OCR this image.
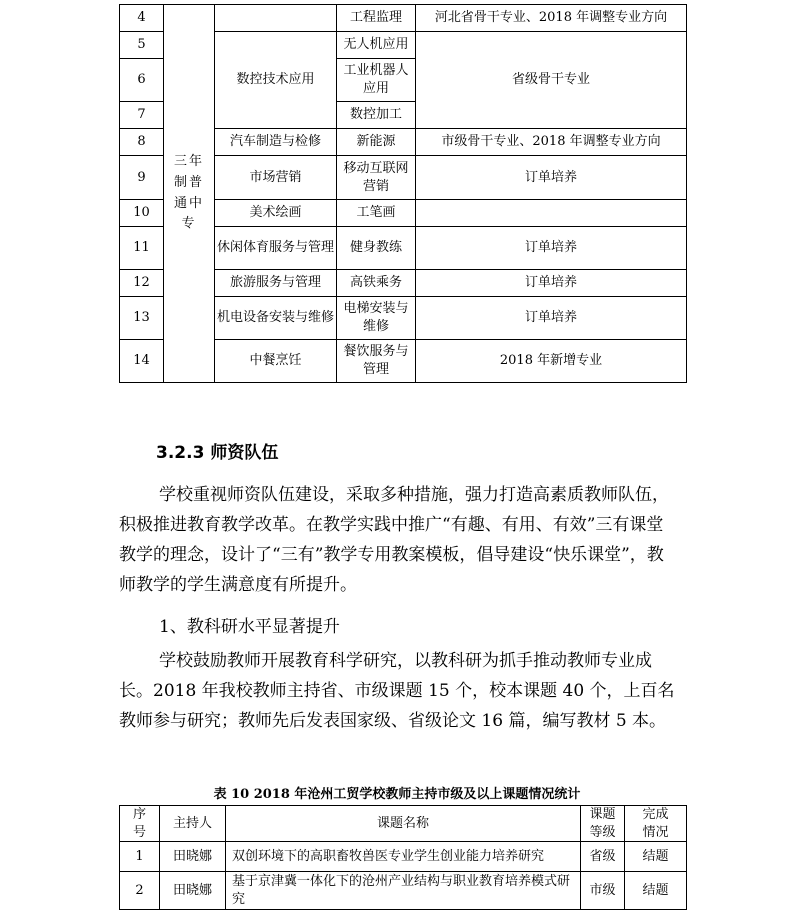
4	三年制普通中专		工程监理	河北省骨干专业、2018 年调整专业方向
5		数控技术应用	无人机应用	省级骨干专业
6			工业机器人应用	
7			数控加工	
8		汽车制造与检修	新能源	市级骨干专业、2018 年调整专业方向
9		市场营销	移动互联网营销	订单培养
10		美术绘画	工笔画	
11		休闲体育服务与管理	健身教练	订单培养
12		旅游服务与管理	高铁乘务	订单培养
13		机电设备安装与维修	电梯安装与维修	订单培养
14		中餐烹饪	餐饮服务与管理	2018 年新增专业
3.2.3 师资队伍

学校重视师资队伍建设，采取多种措施，强力打造高素质教师队伍，积极推进教育教学改革。在教学实践中推广“有趣、有用、有效”三有课堂教学的理念，设计了“三有”教学专用教案模板，倡导建设“快乐课堂”，教师教学的学生满意度有所提升。

1、教科研水平显著提升

学校鼓励教师开展教育科学研究，以教科研为抓手推动教师专业成长。2018 年我校教师主持省、市级课题 15 个，校本课题 40 个，上百名教师参与研究；教师先后发表国家级、省级论文 16 篇，编写教材 5 本。

表 10 2018 年沧州工贸学校教师主持市级及以上课题情况统计
序号	主持人	课题名称	课题等级	完成情况

1	田晓娜	双创环境下的高职畜牧兽医专业学生创业能力培养研究	省级	结题
2	田晓娜	基于京津冀一体化下的沧州产业结构与职业教育培养模式研究	市级	结题
